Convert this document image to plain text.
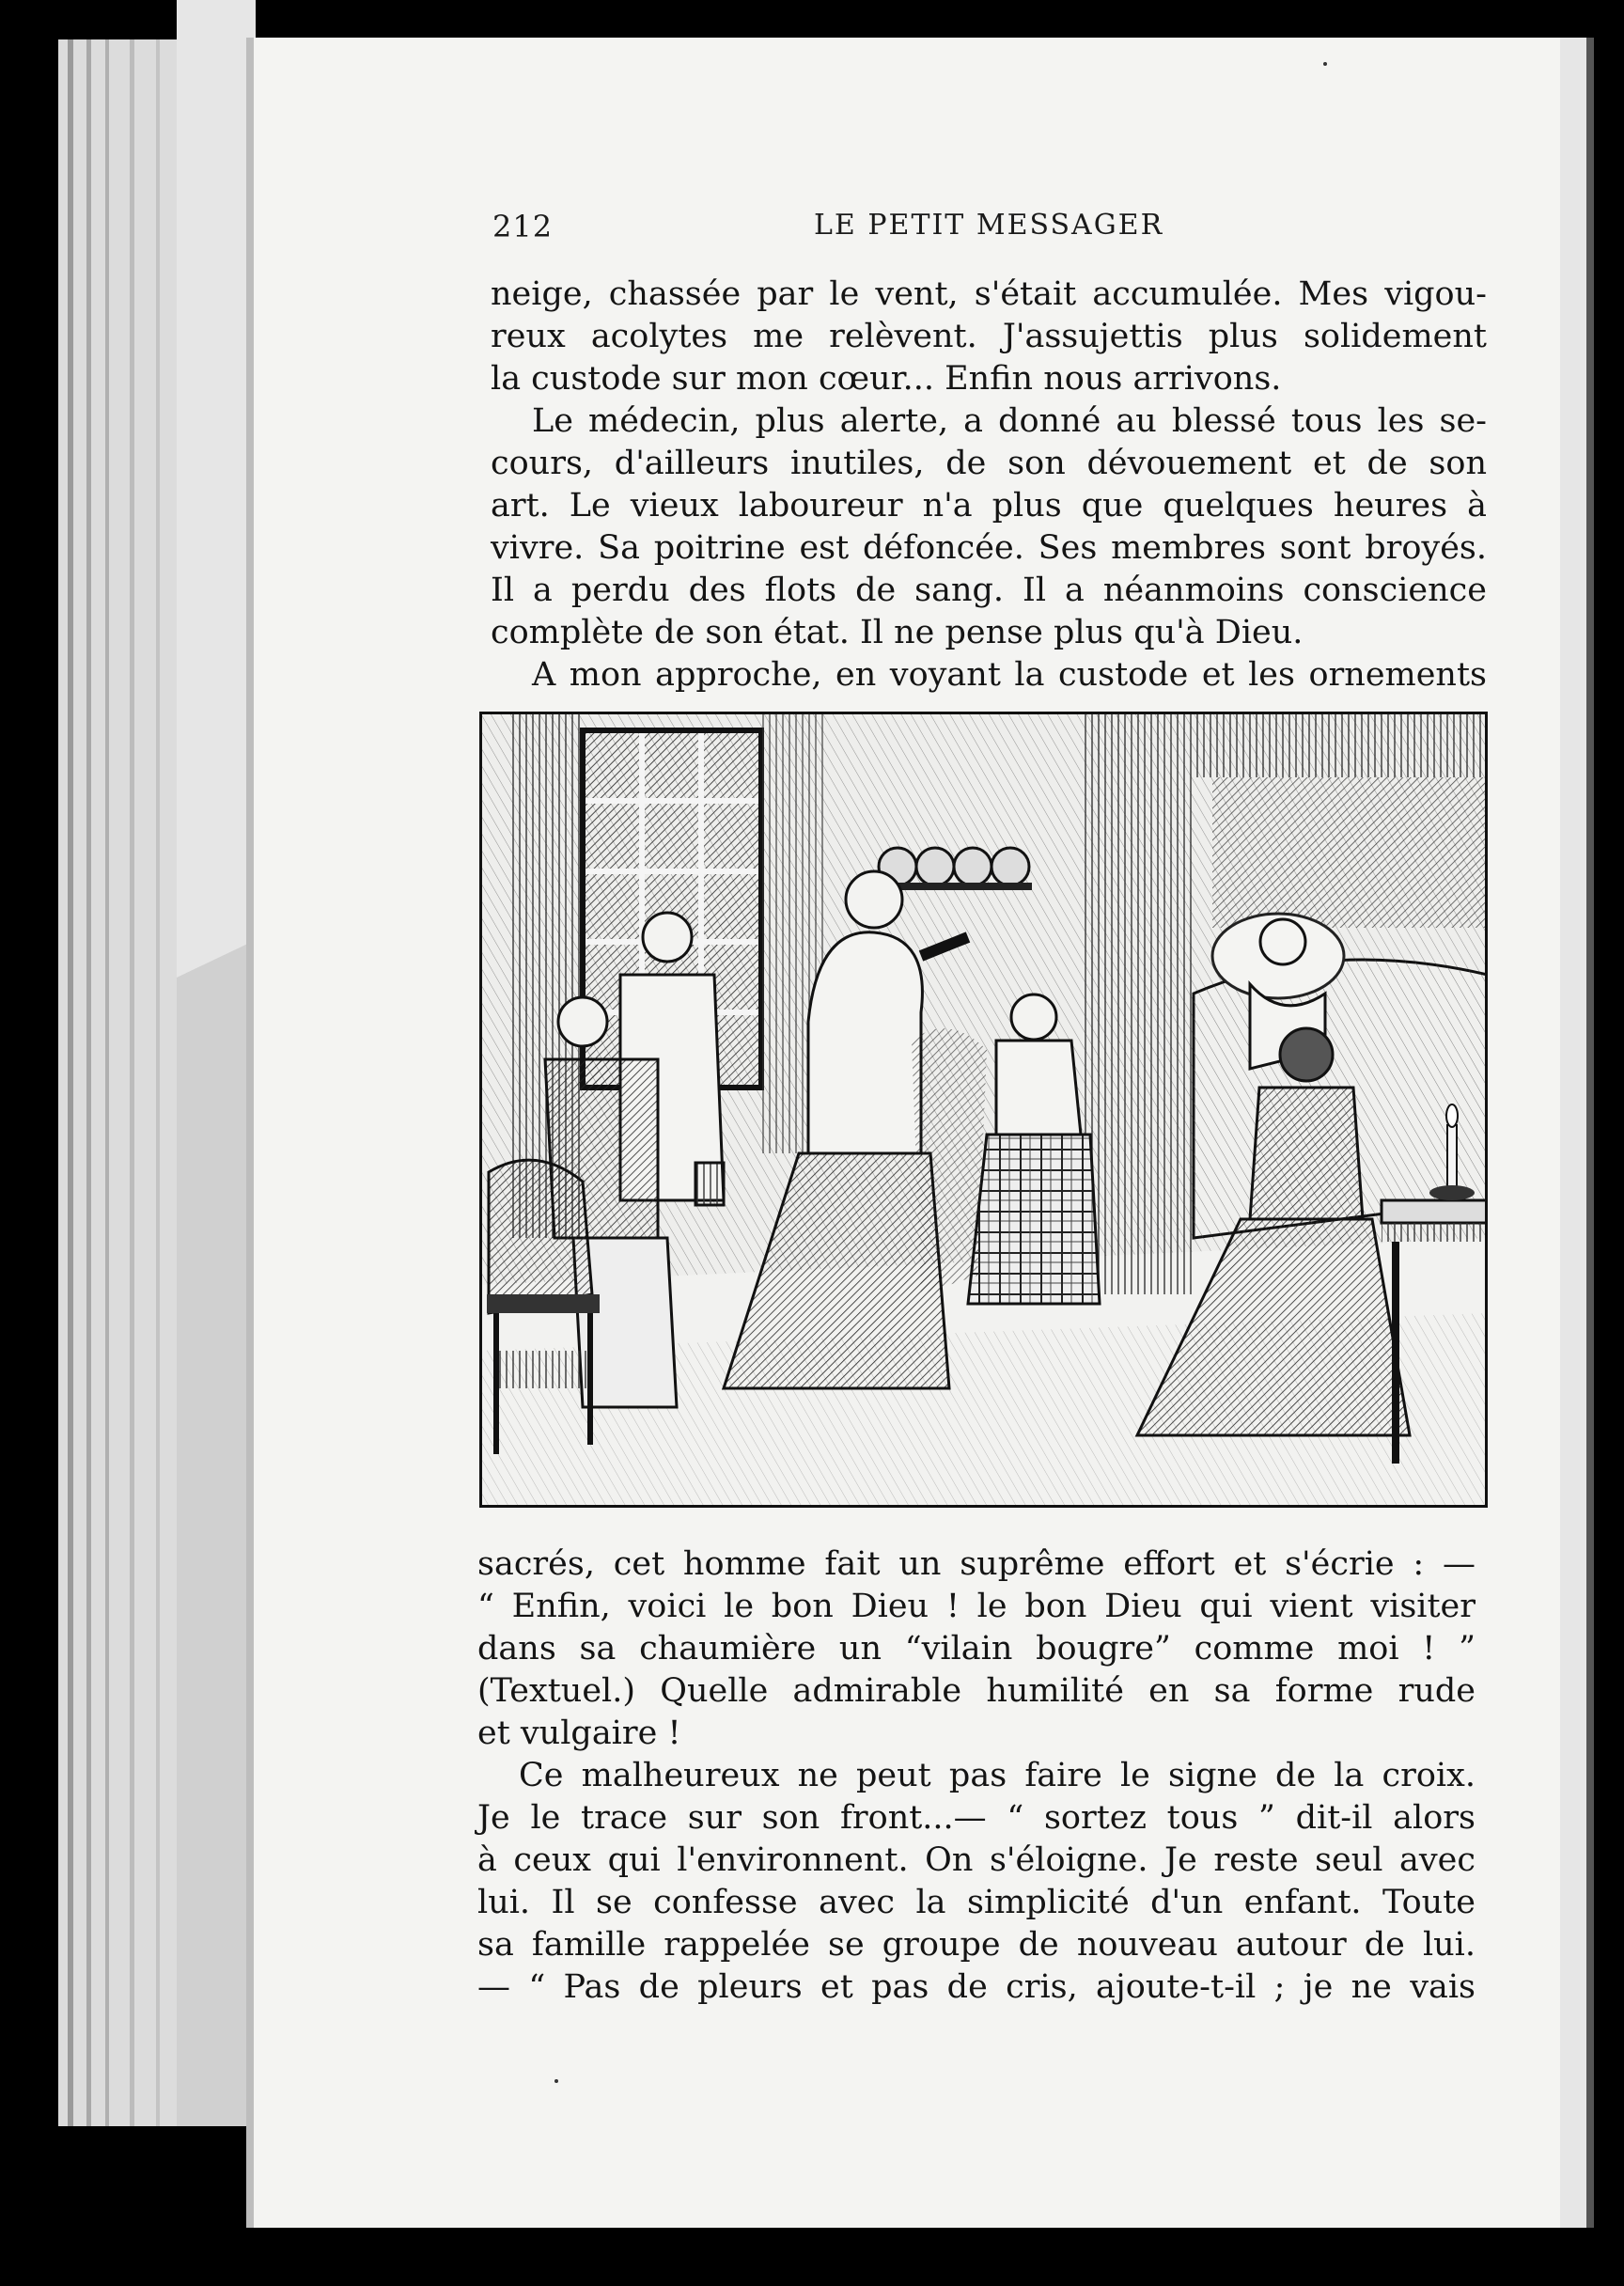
212	LE PETIT MESSAGER
neige, chassée par le vent, s'était accumulée. Mes vigou-
reux acolytes me relèvent. J'assujettis plus solidement
la custode sur mon cœur... Enfin nous arrivons.
Le médecin, plus alerte, a donné au blessé tous les se-
cours, d'ailleurs inutiles, de son dévouement et de son
art. Le vieux laboureur n'a plus que quelques heures à
vivre. Sa poitrine est défoncée. Ses membres sont broyés.
Il a perdu des flots de sang. Il a néanmoins conscience
complète de son état. Il ne pense plus qu'à Dieu.
A mon approche, en voyant la custode et les ornements
sacrés, cet homme fait un suprême effort et s'écrie : —
“ Enfin, voici le bon Dieu ! le bon Dieu qui vient visiter
dans sa chaumière un “vilain bougre” comme moi ! ”
(Textuel.) Quelle admirable humilité en sa forme rude
et vulgaire !
Ce malheureux ne peut pas faire le signe de la croix.
Je le trace sur son front...— “ sortez tous ” dit-il alors
à ceux qui l'environnent. On s'éloigne. Je reste seul avec
lui. Il se confesse avec la simplicité d'un enfant. Toute
sa famille rappelée se groupe de nouveau autour de lui.
— “ Pas de pleurs et pas de cris, ajoute-t-il ; je ne vais
